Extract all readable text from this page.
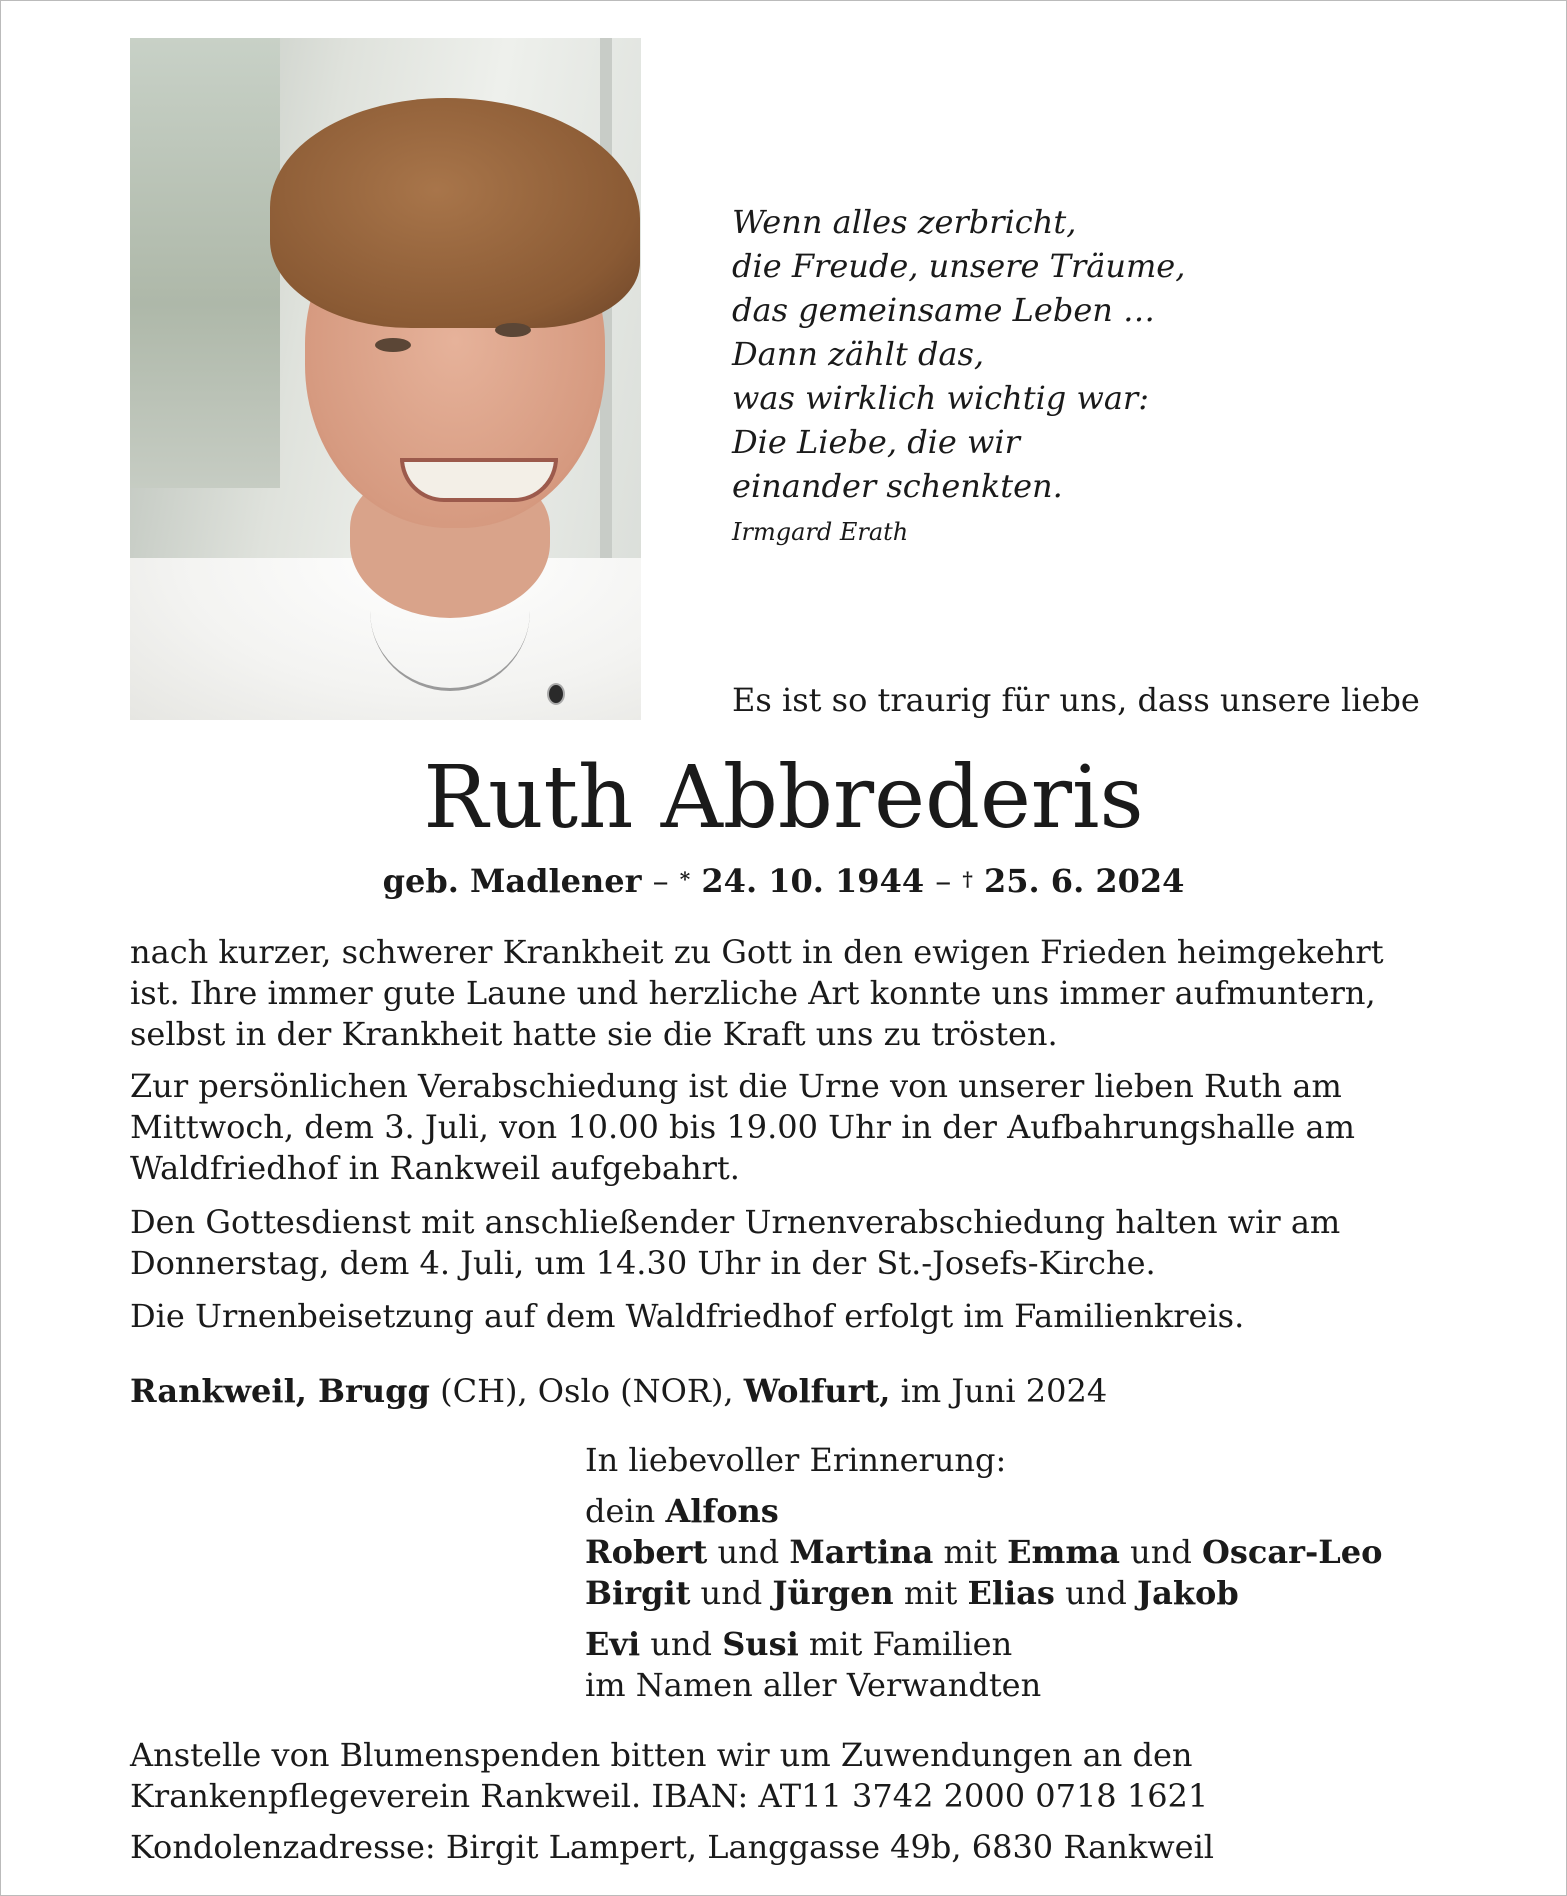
Wenn alles zerbricht,
die Freude, unsere Träume,
das gemeinsame Leben …
Dann zählt das,
was wirklich wichtig war:
Die Liebe, die wir
einander schenkten.
Irmgard Erath
Es ist so traurig für uns, dass unsere liebe
Ruth Abbrederis
geb. Madlener – * 24. 10. 1944 – † 25. 6. 2024
nach kurzer, schwerer Krankheit zu Gott in den ewigen Frieden heimgekehrt
ist. Ihre immer gute Laune und herzliche Art konnte uns immer aufmuntern,
selbst in der Krankheit hatte sie die Kraft uns zu trösten.
Zur persönlichen Verabschiedung ist die Urne von unserer lieben Ruth am
Mittwoch, dem 3. Juli, von 10.00 bis 19.00 Uhr in der Aufbahrungshalle am
Waldfriedhof in Rankweil aufgebahrt.
Den Gottesdienst mit anschließender Urnenverabschiedung halten wir am
Donnerstag, dem 4. Juli, um 14.30 Uhr in der St.-Josefs-Kirche.
Die Urnenbeisetzung auf dem Waldfriedhof erfolgt im Familienkreis.
Rankweil, Brugg (CH), Oslo (NOR), Wolfurt, im Juni 2024
In liebevoller Erinnerung:
dein Alfons
Robert und Martina mit Emma und Oscar-Leo
Birgit und Jürgen mit Elias und Jakob
Evi und Susi mit Familien
im Namen aller Verwandten
Anstelle von Blumenspenden bitten wir um Zuwendungen an den
Krankenpflegeverein Rankweil. IBAN: AT11 3742 2000 0718 1621
Kondolenzadresse: Birgit Lampert, Langgasse 49b, 6830 Rankweil
